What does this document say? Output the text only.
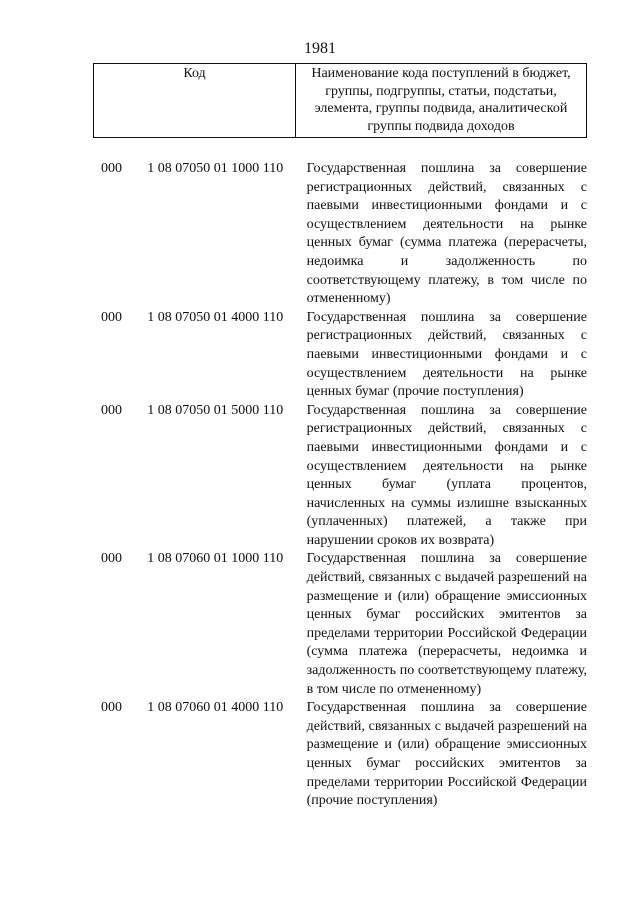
1981
Код	Наименование кода поступлений в бюджет, группы, подгруппы, статьи, подстатьи, элемента, группы подвида, аналитической группы подвида доходов
000	1 08 07050 01 1000 110	Государственная пошлина за совершение регистрационных действий, связанных с паевыми инвестиционными фондами и с осуществлением деятельности на рынке ценных бумаг (сумма платежа (перерасчеты, недоимка и задолженность по соответствующему платежу, в том числе по отмененному)
000	1 08 07050 01 4000 110	Государственная пошлина за совершение регистрационных действий, связанных с паевыми инвестиционными фондами и с осуществлением деятельности на рынке ценных бумаг (прочие поступления)
000	1 08 07050 01 5000 110	Государственная пошлина за совершение регистрационных действий, связанных с паевыми инвестиционными фондами и с осуществлением деятельности на рынке ценных бумаг (уплата процентов, начисленных на суммы излишне взысканных (уплаченных) платежей, а также при нарушении сроков их возврата)
000	1 08 07060 01 1000 110	Государственная пошлина за совершение действий, связанных с выдачей разрешений на размещение и (или) обращение эмиссионных ценных бумаг российских эмитентов за пределами территории Российской Федерации (сумма платежа (перерасчеты, недоимка и задолженность по соответствующему платежу, в том числе по отмененному)
000	1 08 07060 01 4000 110	Государственная пошлина за совершение действий, связанных с выдачей разрешений на размещение и (или) обращение эмиссионных ценных бумаг российских эмитентов за пределами территории Российской Федерации (прочие поступления)
